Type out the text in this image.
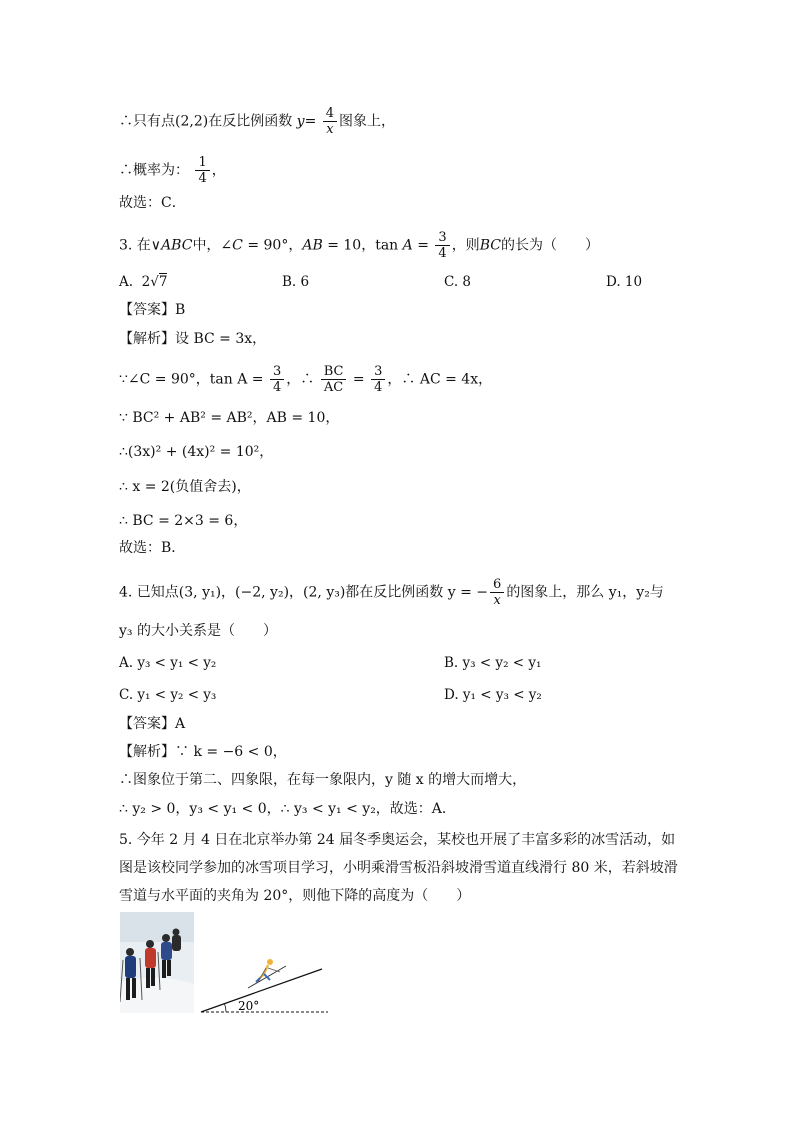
∴只有点(2,2)在反比例函数 $y= \frac{4}{x}$ 图象上，
∴概率为： $\frac{1}{4}$ ，
故选：C．
3. 在∨ABC中，∠C = 90°，AB = 10，$\tan A = \frac{3}{4}$ ，则BC的长为（　　）
A. 2√7	B. 6	C. 8	D. 10
【答案】B
【解析】设 BC = 3x，
∵∠C = 90°，$\tan A = \frac{3}{4}$ ，∴ $\frac{BC}{AC} = \frac{3}{4}$ ，∴ AC = 4x，
∵ BC² + AB² = AB²，AB = 10，
∴(3x)² + (4x)² = 10²，
∴ x = 2(负值舍去)，
∴ BC = 2×3 = 6，
故选：B．
4. 已知点(3, y₁)，(−2, y₂)，(2, y₃)都在反比例函数 y = − $\frac{6}{x}$ 的图象上，那么 y₁，y₂与
y₃ 的大小关系是（　　）
A. y₃ < y₁ < y₂	B. y₃ < y₂ < y₁
C. y₁ < y₂ < y₃	D. y₁ < y₃ < y₂
【答案】A
【解析】∵ k = −6 < 0，
∴图象位于第二、四象限，在每一象限内，y 随 x 的增大而增大，
∴ y₂ > 0，y₃ < y₁ < 0，∴ y₃ < y₁ < y₂，故选：A．
5. 今年 2 月 4 日在北京举办第 24 届冬季奥运会，某校也开展了丰富多彩的冰雪活动，如
图是该校同学参加的冰雪项目学习，小明乘滑雪板沿斜坡滑雪道直线滑行 80 米，若斜坡滑
雪道与水平面的夹角为 20°，则他下降的高度为（　　）
20°
